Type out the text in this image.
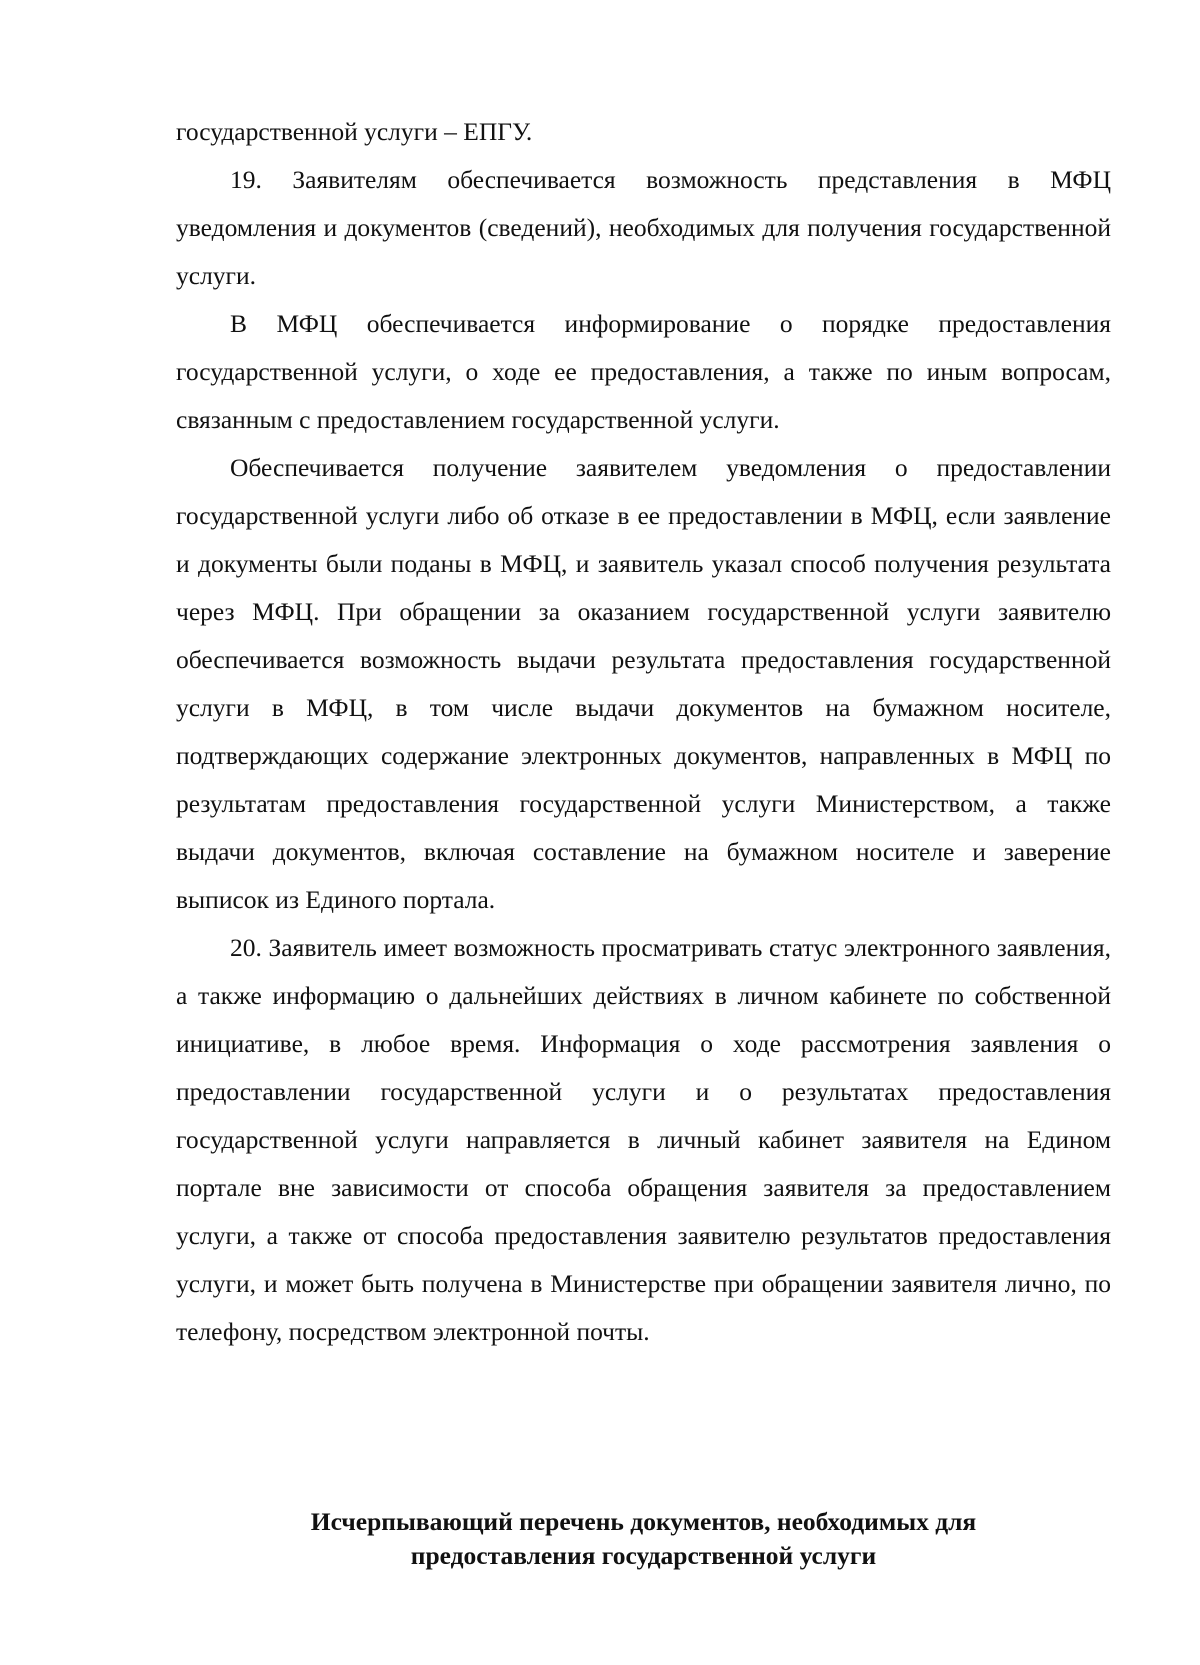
государственной услуги – ЕПГУ.

19. Заявителям обеспечивается возможность представления в МФЦ уведомления и документов (сведений), необходимых для получения государственной услуги.

В МФЦ обеспечивается информирование о порядке предоставления государственной услуги, о ходе ее предоставления, а также по иным вопросам, связанным с предоставлением государственной услуги.

Обеспечивается получение заявителем уведомления о предоставлении государственной услуги либо об отказе в ее предоставлении в МФЦ, если заявление и документы были поданы в МФЦ, и заявитель указал способ получения результата через МФЦ. При обращении за оказанием государственной услуги заявителю обеспечивается возможность выдачи результата предоставления государственной услуги в МФЦ, в том числе выдачи документов на бумажном носителе, подтверждающих содержание электронных документов, направленных в МФЦ по результатам предоставления государственной услуги Министерством, а также выдачи документов, включая составление на бумажном носителе и заверение выписок из Единого портала.

20. Заявитель имеет возможность просматривать статус электронного заявления, а также информацию о дальнейших действиях в личном кабинете по собственной инициативе, в любое время. Информация о ходе рассмотрения заявления о предоставлении государственной услуги и о результатах предоставления государственной услуги направляется в личный кабинет заявителя на Едином портале вне зависимости от способа обращения заявителя за предоставлением услуги, а также от способа предоставления заявителю результатов предоставления услуги, и может быть получена в Министерстве при обращении заявителя лично, по телефону, посредством электронной почты.

Исчерпывающий перечень документов, необходимых для
предоставления государственной услуги
